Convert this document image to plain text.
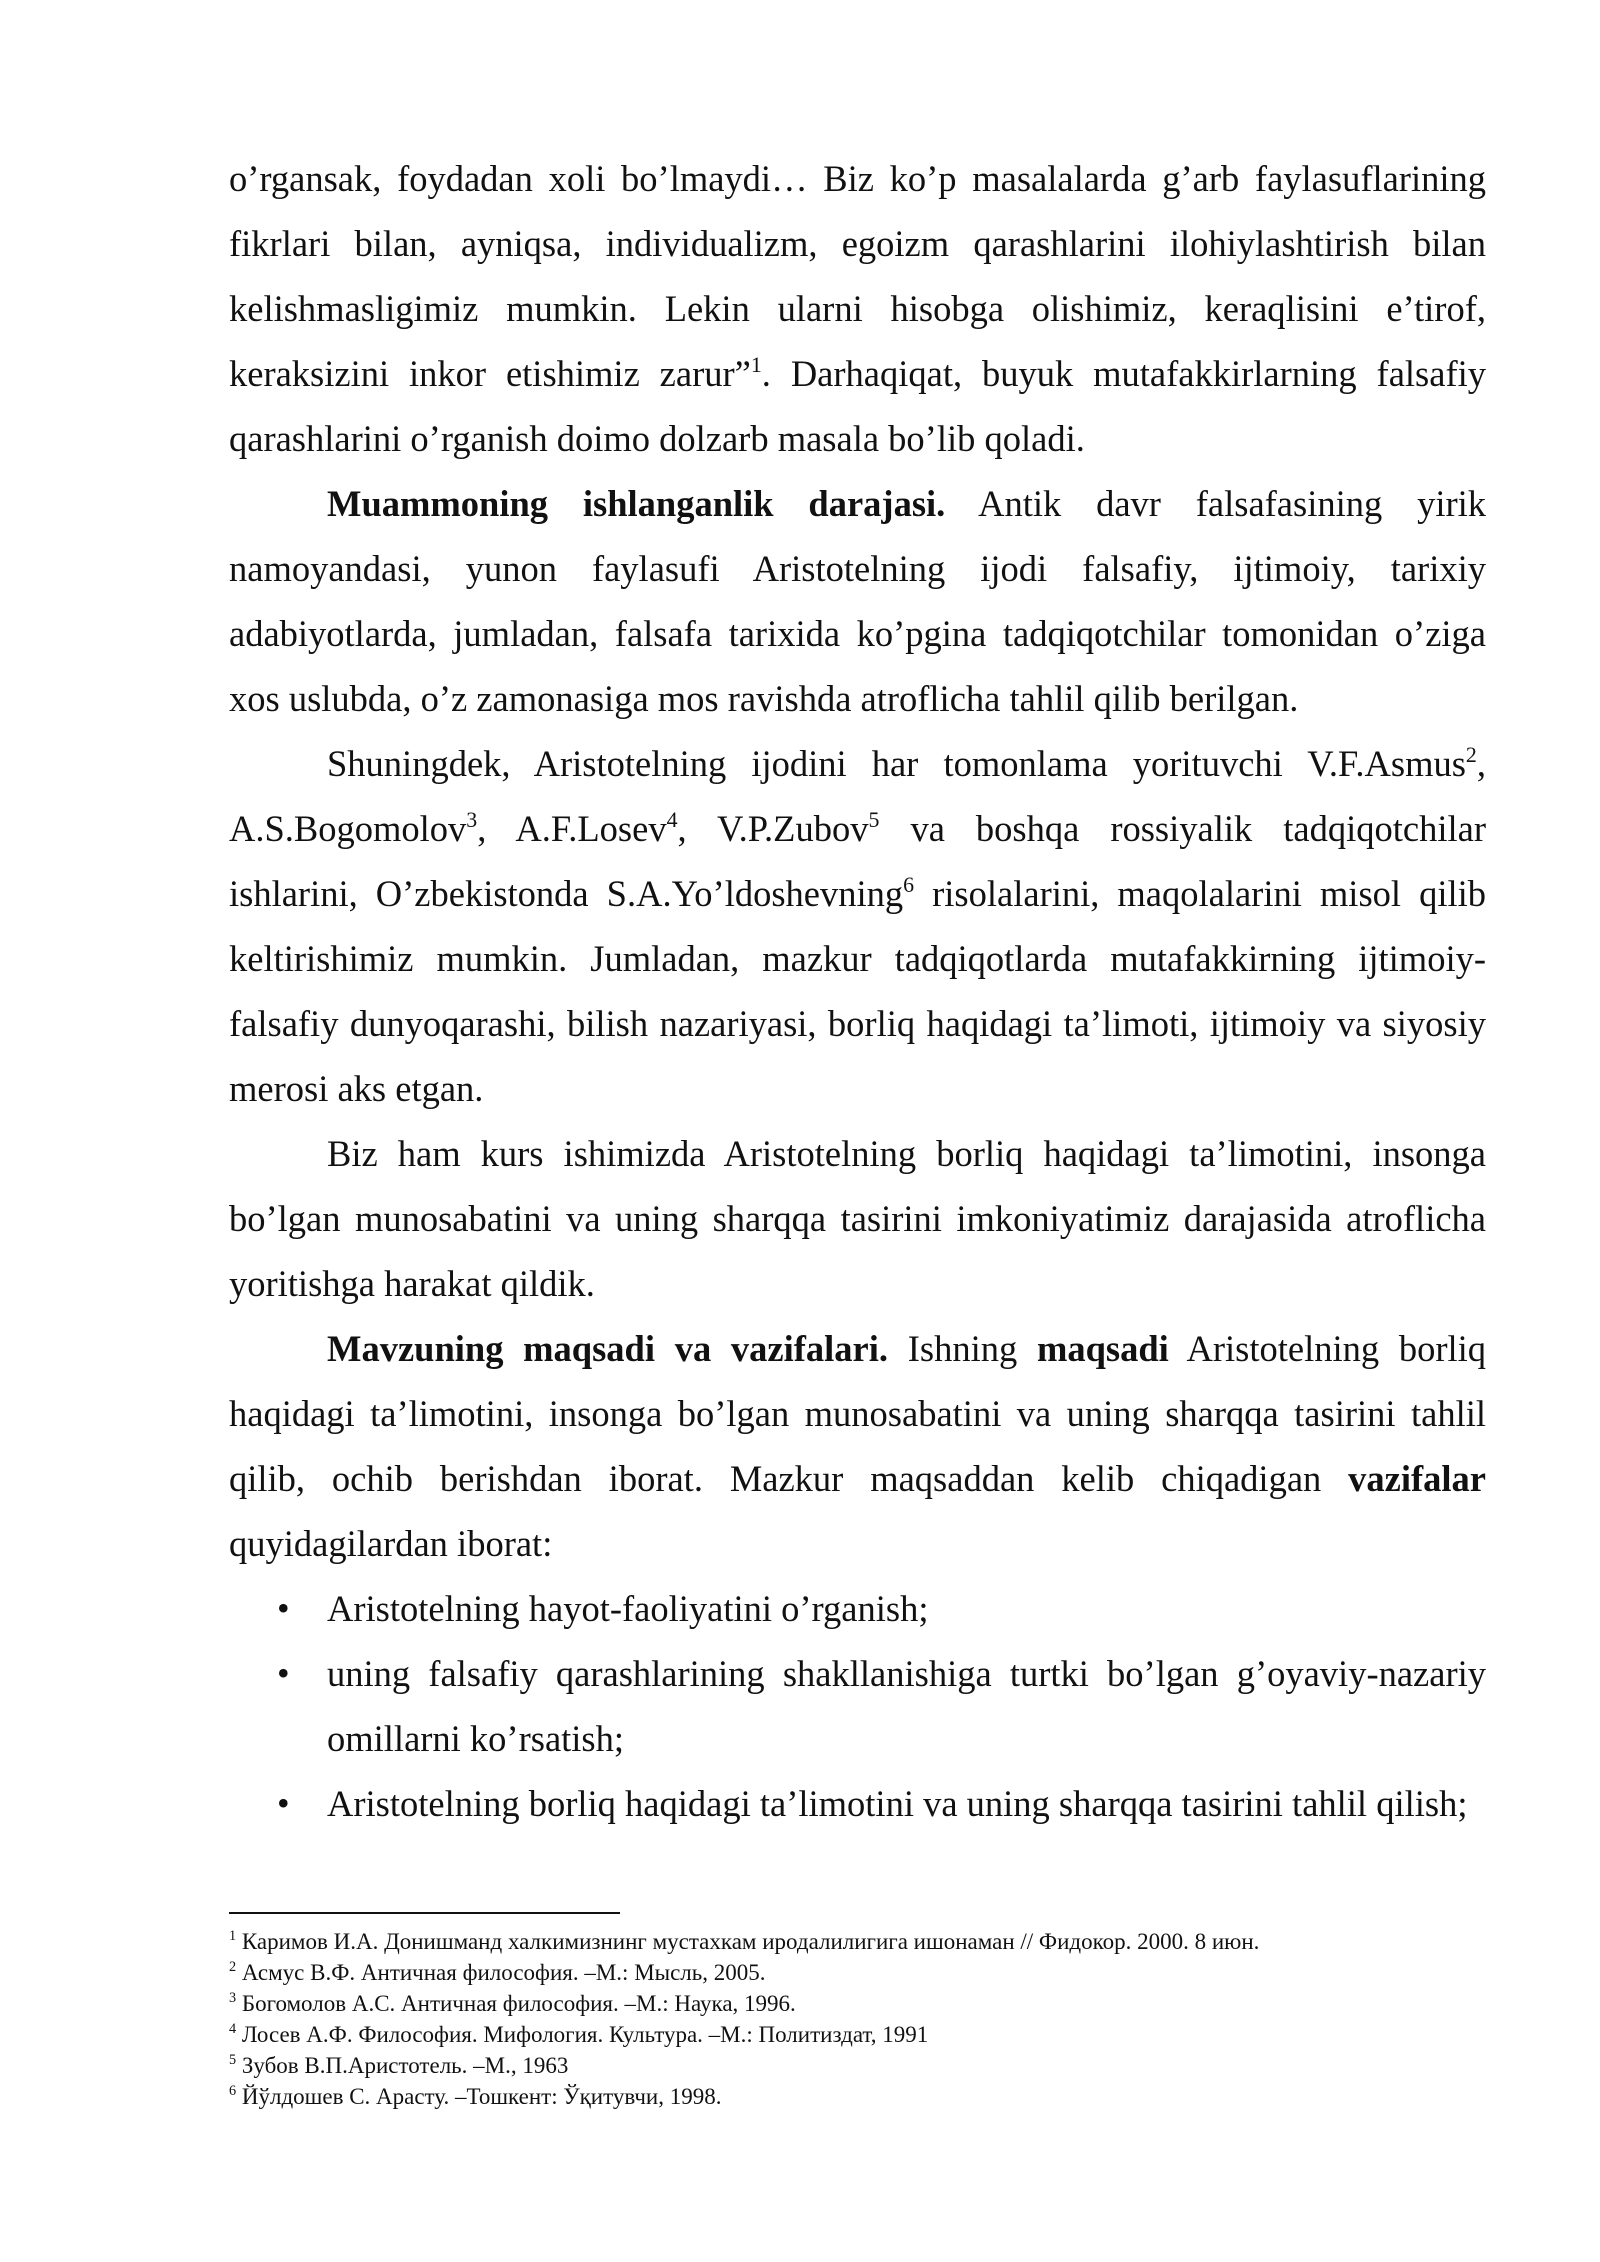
o’rgansak, foydadan xoli bo’lmaydi… Biz ko’p masalalarda g’arb faylasuflarining fikrlari bilan, ayniqsa, individualizm, egoizm qarashlarini ilohiylashtirish bilan kelishmasligimiz mumkin. Lekin ularni hisobga olishimiz, keraqlisini e’tirof, keraksizini inkor etishimiz zarur”$^1$. Darhaqiqat, buyuk mutafakkirlarning falsafiy qarashlarini o’rganish doimo dolzarb masala bo’lib qoladi.

Muammoning ishlanganlik darajasi. Antik davr falsafasining yirik namoyandasi, yunon faylasufi Aristotelning ijodi falsafiy, ijtimoiy, tarixiy adabiyotlarda, jumladan, falsafa tarixida ko’pgina tadqiqotchilar tomonidan o’ziga xos uslubda, o’z zamonasiga mos ravishda atroflicha tahlil qilib berilgan.

Shuningdek, Aristotelning ijodini har tomonlama yorituvchi V.F.Asmus$^2$, A.S.Bogomolov$^3$, A.F.Losev$^4$, V.P.Zubov$^5$ va boshqa rossiyalik tadqiqotchilar ishlarini, O’zbekistonda S.A.Yo’ldoshevning$^6$ risolalarini, maqolalarini misol qilib keltirishimiz mumkin. Jumladan, mazkur tadqiqotlarda mutafakkirning ijtimoiy-falsafiy dunyoqarashi, bilish nazariyasi, borliq haqidagi ta’limoti, ijtimoiy va siyosiy merosi aks etgan.

Biz ham kurs ishimizda Aristotelning borliq haqidagi ta’limotini, insonga bo’lgan munosabatini va uning sharqqa tasirini imkoniyatimiz darajasida atroflicha yoritishga harakat qildik.

Mavzuning maqsadi va vazifalari. Ishning maqsadi Aristotelning borliq haqidagi ta’limotini, insonga bo’lgan munosabatini va uning sharqqa tasirini tahlil qilib, ochib berishdan iborat. Mazkur maqsaddan kelib chiqadigan vazifalar quyidagilardan iborat:

• Aristotelning hayot-faoliyatini o’rganish;
• uning falsafiy qarashlarining shakllanishiga turtki bo’lgan g’oyaviy-nazariy omillarni ko’rsatish;
• Aristotelning borliq haqidagi ta’limotini va uning sharqqa tasirini tahlil qilish;

$^1$ Каримов И.А. Донишманд халкимизнинг мустахкам иродалилигига ишонаман // Фидокор. 2000. 8 июн.

$^2$ Асмус В.Ф. Античная философия. –М.: Мысль, 2005.

$^3$ Богомолов А.С. Античная философия. –М.: Наука, 1996.

$^4$ Лосев А.Ф. Философия. Мифология. Культура. –М.: Политиздат, 1991

$^5$ Зубов В.П.Аристотель. –М., 1963

$^6$ Йўлдошев С. Арасту. –Тошкент: Ўқитувчи, 1998.
